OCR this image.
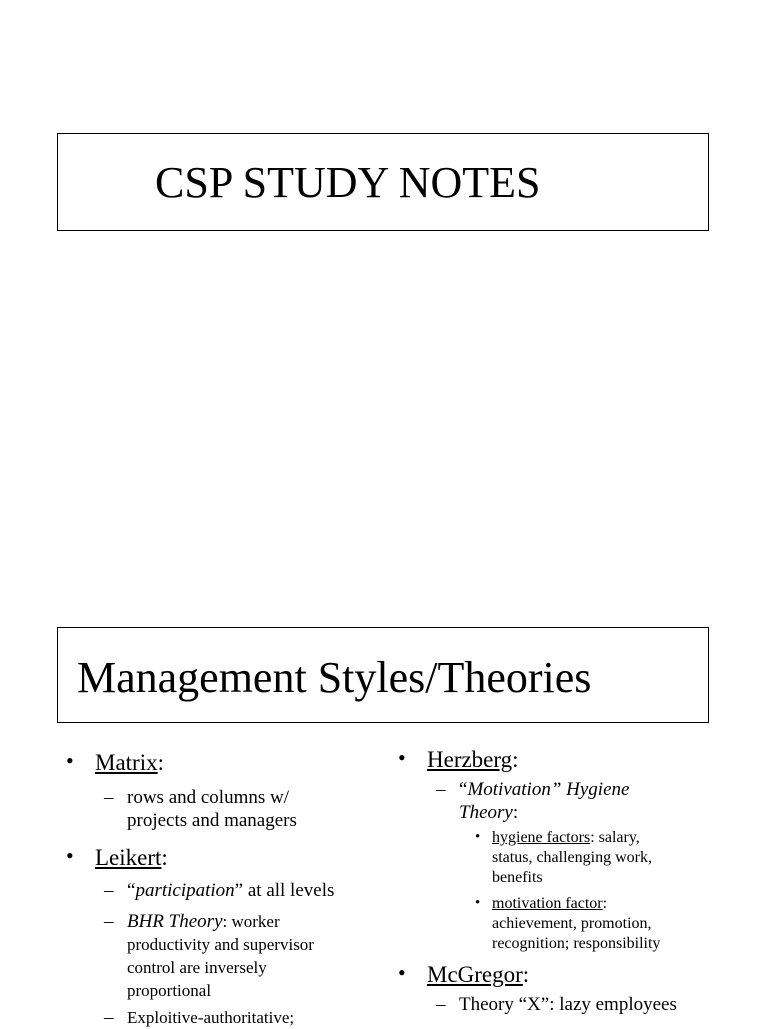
CSP STUDY NOTES
Management Styles/Theories
• Matrix:
– rows and columns w/
projects and managers
• Leikert:
– “participation” at all levels
– BHR Theory: worker
productivity and supervisor
control are inversely
proportional
– Exploitive-authoritative;
• Herzberg:
– “Motivation” Hygiene
Theory:
• hygiene factors: salary,
status, challenging work,
benefits
• motivation factor:
achievement, promotion,
recognition; responsibility
• McGregor:
– Theory “X”: lazy employees
